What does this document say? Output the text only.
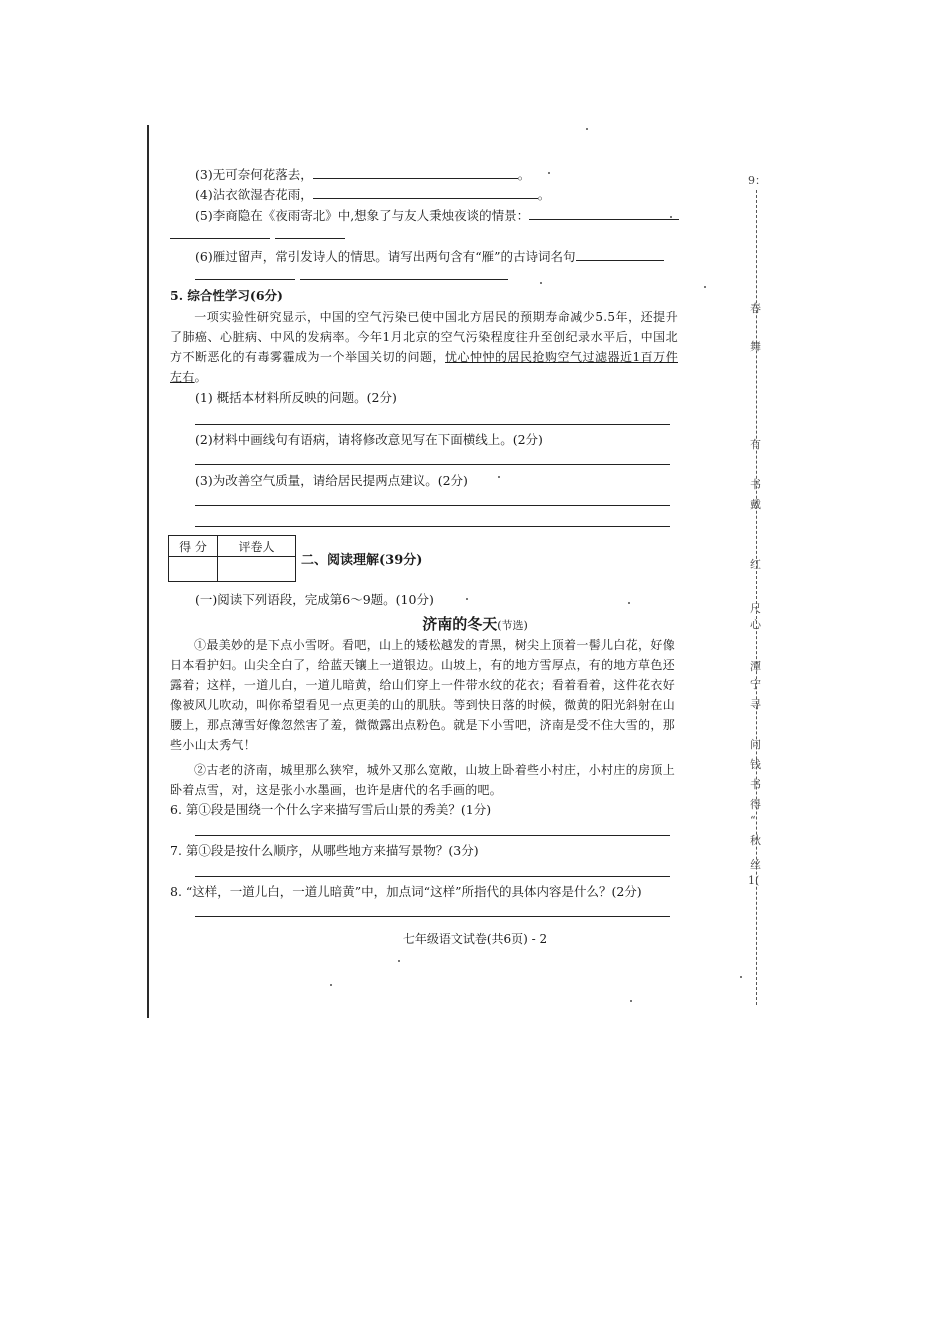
(3)无可奈何花落去，	。
(4)沾衣欲湿杏花雨，	。
(5)李商隐在《夜雨寄北》中,想象了与友人秉烛夜谈的情景：
(6)雁过留声，常引发诗人的情思。请写出两句含有“雁”的古诗词名句
5. 综合性学习(6分)
一项实验性研究显示，中国的空气污染已使中国北方居民的预期寿命减少5.5年，还提升了肺癌、心脏病、中风的发病率。今年1月北京的空气污染程度往升至创纪录水平后，中国北方不断恶化的有毒雾霾成为一个举国关切的问题，忧心忡忡的居民抢购空气过滤器近1百万件左右。
(1) 概括本材料所反映的问题。(2分)
(2)材料中画线句有语病，请将修改意见写在下面横线上。(2分)
(3)为改善空气质量，请给居民提两点建议。(2分)
得 分	评卷人

二、阅读理解(39分)
(一)阅读下列语段，完成第6～9题。(10分)
济南的冬天(节选)
①最美妙的是下点小雪呀。看吧，山上的矮松越发的青黑，树尖上顶着一髻儿白花，好像日本看护妇。山尖全白了，给蓝天镶上一道银边。山坡上，有的地方雪厚点，有的地方草色还露着；这样，一道儿白，一道儿暗黄，给山们穿上一件带水纹的花衣；看着看着，这件花衣好像被风儿吹动，叫你希望看见一点更美的山的肌肤。等到快日落的时候，微黄的阳光斜射在山腰上，那点薄雪好像忽然害了羞，微微露出点粉色。就是下小雪吧，济南是受不住大雪的，那些小山太秀气！
②古老的济南，城里那么狭窄，城外又那么宽敞，山坡上卧着些小村庄，小村庄的房顶上卧着点雪，对，这是张小水墨画，也许是唐代的名手画的吧。
6. 第①段是围绕一个什么字来描写雪后山景的秀美？(1分)
7. 第①段是按什么顺序，从哪些地方来描写景物？(3分)
8. “这样，一道儿白，一道儿暗黄”中，加点词“这样”所指代的具体内容是什么？(2分)
七年级语文试卷(共6页) - 2
9：
春
舞
有
书
戴
红
尺
心
潭
宁
寻
问
钱
书
得
“
秋
丝
1(
